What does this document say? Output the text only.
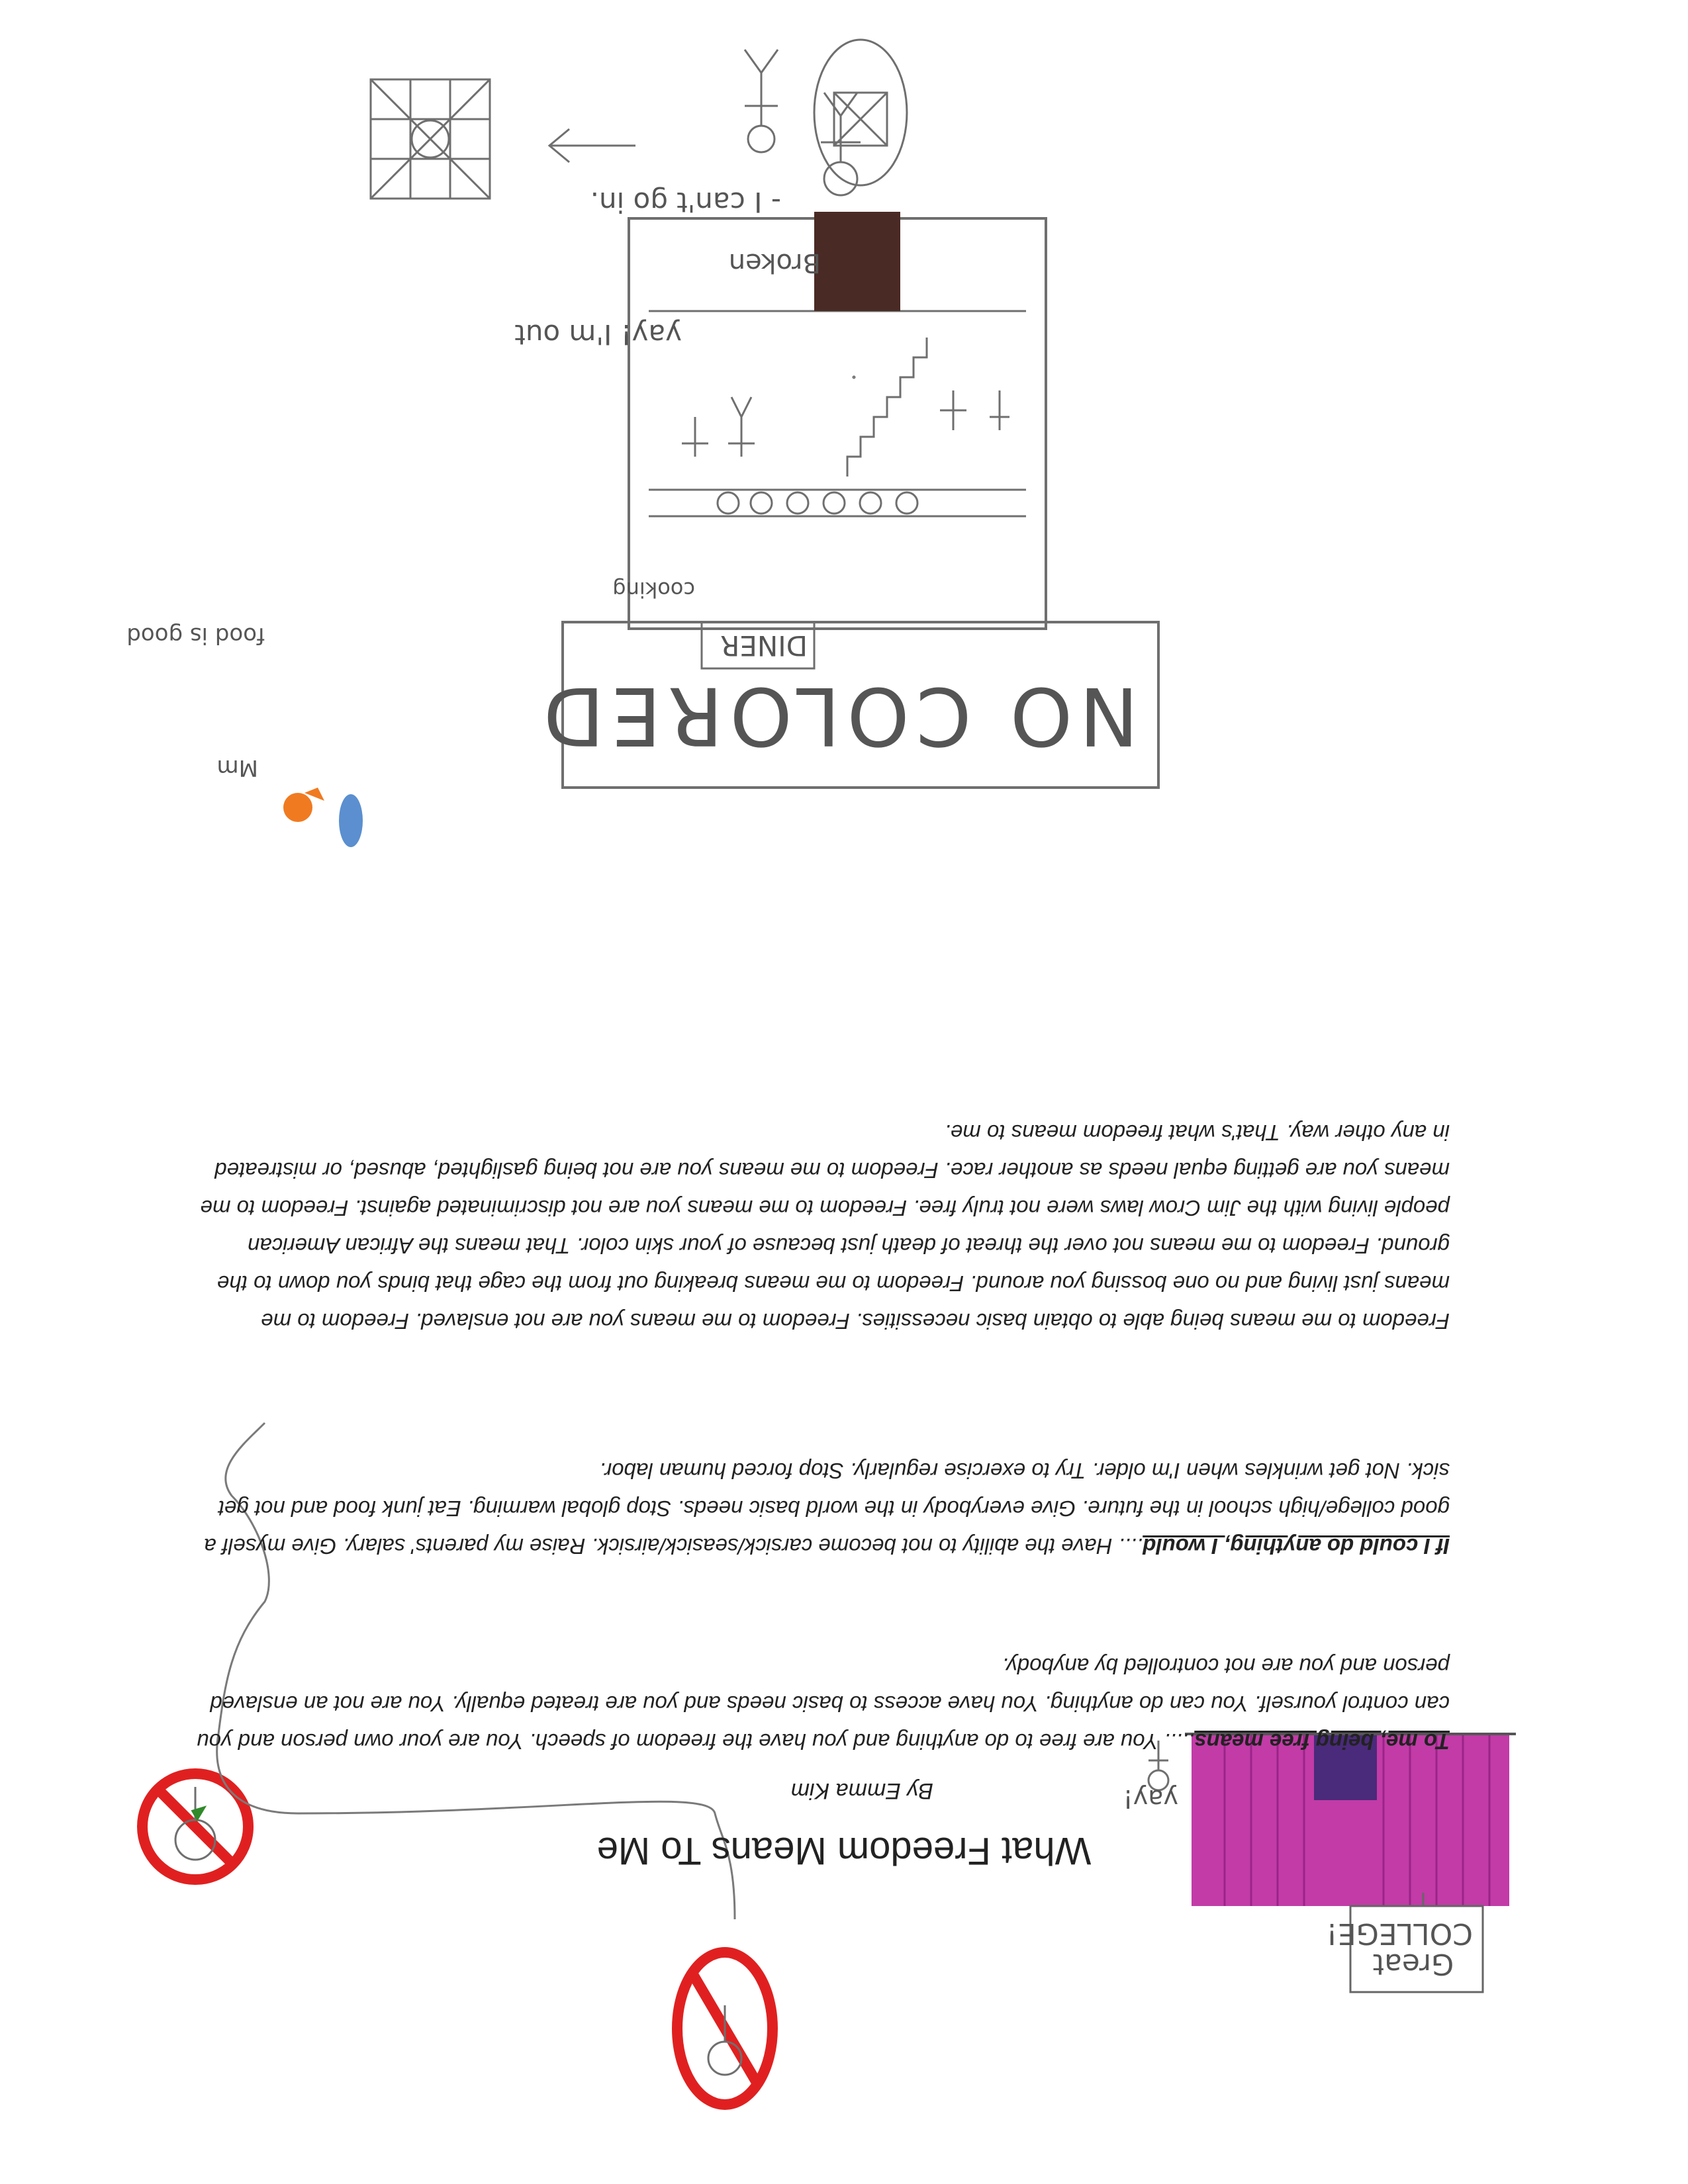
What Freedom Means To Me
By Emma Kim

To me, being free means..... You are free to do anything and you have the freedom of speech. You are your own person and you can control yourself. You can do anything. You have access to basic needs and you are treated equally. You are not an enslaved person and you are not controlled by anybody.

If I could do anything, I would.... Have the ability to not become carsick/seasick/airsick. Raise my parents' salary. Give myself a good college/high school in the future. Give everybody in the world basic needs. Stop global warming. Eat junk food and not get sick. Not get wrinkles when I'm older. Try to exercise regularly. Stop forced human labor.

Freedom to me means being able to obtain basic necessities. Freedom to me means you are not enslaved. Freedom to me means just living and no one bossing you around. Freedom to me means breaking out from the cage that binds you down to the ground. Freedom to me means not over the threat of death just because of your skin color. That means the African American people living with the Jim Crow laws were not truly free. Freedom to me means you are not discriminated against. Freedom to me means you are getting equal needs as another race. Freedom to me means you are not being gaslighted, abused, or mistreated in any other way. That's what freedom means to me.

Great COLLEGE!
yay!
NO COLORED
DINER
cooking
food is good
Mm
- I can't go in.
yay! I'm out
Broken
